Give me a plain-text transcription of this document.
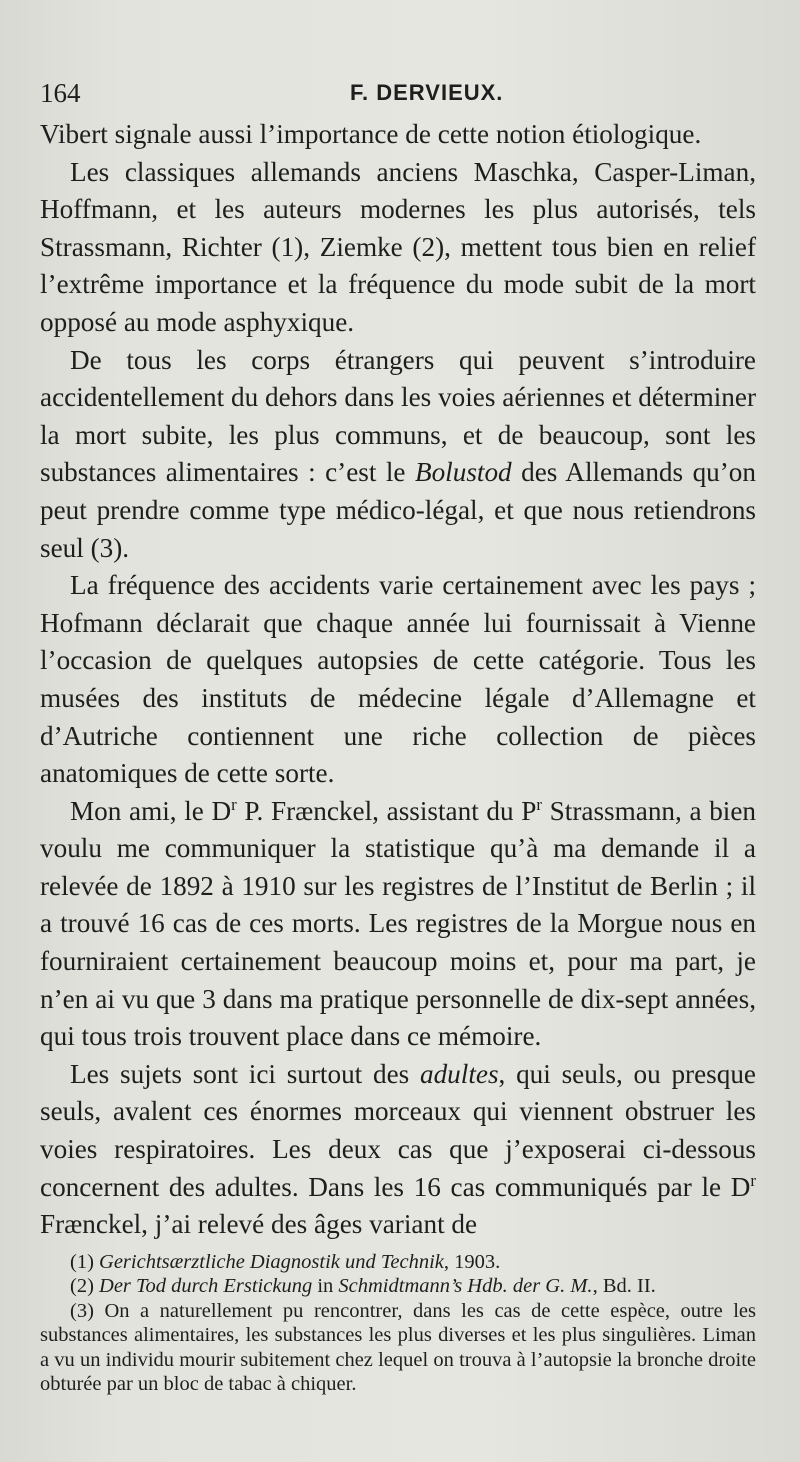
164	F. DERVIEUX.

Vibert signale aussi l’importance de cette notion étiologique.

Les classiques allemands anciens Maschka, Casper-Liman, Hoffmann, et les auteurs modernes les plus autorisés, tels Strassmann, Richter (1), Ziemke (2), mettent tous bien en relief l’extrême importance et la fréquence du mode subit de la mort opposé au mode asphyxique.

De tous les corps étrangers qui peuvent s’introduire accidentellement du dehors dans les voies aériennes et déterminer la mort subite, les plus communs, et de beaucoup, sont les substances alimentaires : c’est le Bolustod des Allemands qu’on peut prendre comme type médico-légal, et que nous retiendrons seul (3).

La fréquence des accidents varie certainement avec les pays ; Hofmann déclarait que chaque année lui fournissait à Vienne l’occasion de quelques autopsies de cette catégorie. Tous les musées des instituts de médecine légale d’Allemagne et d’Autriche contiennent une riche collection de pièces anatomiques de cette sorte.

Mon ami, le $D^r$ P. Frænckel, assistant du $P^r$ Strassmann, a bien voulu me communiquer la statistique qu’à ma demande il a relevée de 1892 à 1910 sur les registres de l’Institut de Berlin ; il a trouvé 16 cas de ces morts. Les registres de la Morgue nous en fourniraient certainement beaucoup moins et, pour ma part, je n’en ai vu que 3 dans ma pratique personnelle de dix-sept années, qui tous trois trouvent place dans ce mémoire.

Les sujets sont ici surtout des adultes, qui seuls, ou presque seuls, avalent ces énormes morceaux qui viennent obstruer les voies respiratoires. Les deux cas que j’exposerai ci-dessous concernent des adultes. Dans les 16 cas communiqués par le $D^r$ Frænckel, j’ai relevé des âges variant de

(1) Gerichtsærztliche Diagnostik und Technik, 1903.

(2) Der Tod durch Erstickung in Schmidtmann’s Hdb. der G. M., Bd. II.

(3) On a naturellement pu rencontrer, dans les cas de cette espèce, outre les substances alimentaires, les substances les plus diverses et les plus singulières. Liman a vu un individu mourir subitement chez lequel on trouva à l’autopsie la bronche droite obturée par un bloc de tabac à chiquer.
